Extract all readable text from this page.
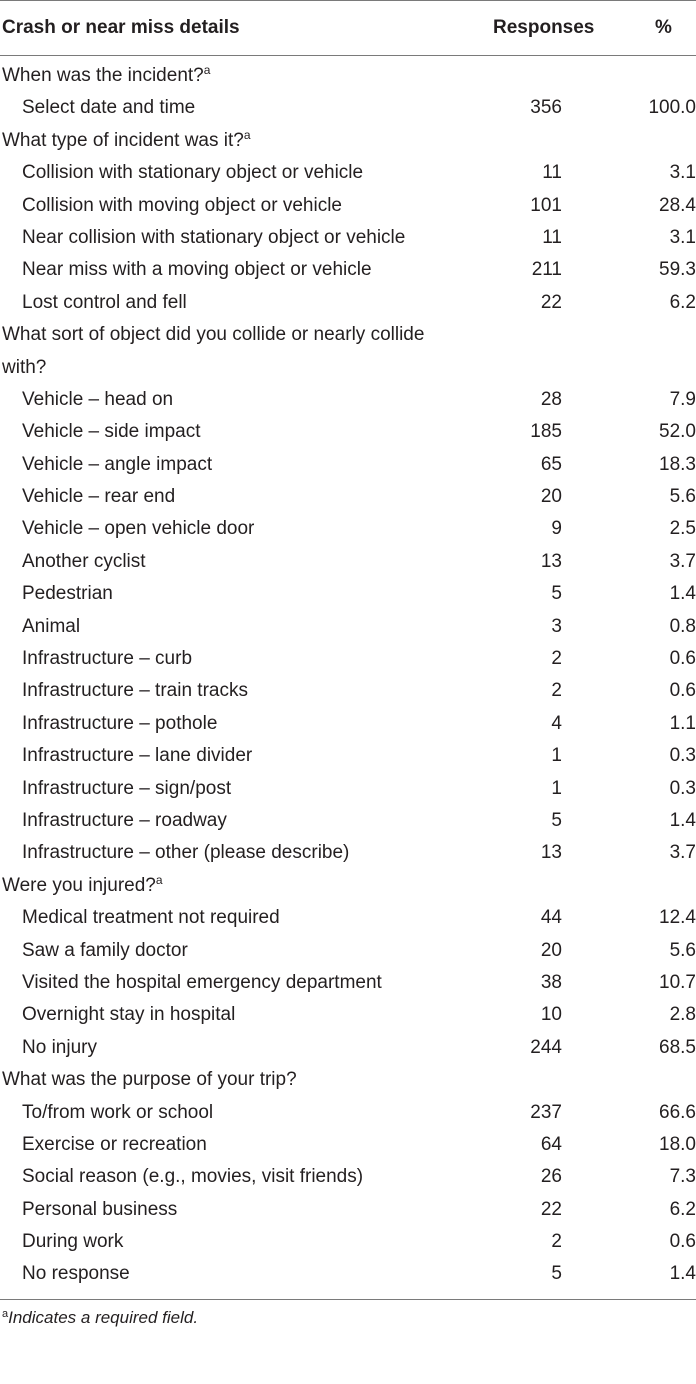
Crash or near miss details	Responses	%
When was the incident?$^a$
Select date and time	356	100.0
What type of incident was it?$^a$
Collision with stationary object or vehicle	11	3.1
Collision with moving object or vehicle	101	28.4
Near collision with stationary object or vehicle	11	3.1
Near miss with a moving object or vehicle	211	59.3
Lost control and fell	22	6.2
What sort of object did you collide or nearly collide with?
Vehicle – head on	28	7.9
Vehicle – side impact	185	52.0
Vehicle – angle impact	65	18.3
Vehicle – rear end	20	5.6
Vehicle – open vehicle door	9	2.5
Another cyclist	13	3.7
Pedestrian	5	1.4
Animal	3	0.8
Infrastructure – curb	2	0.6
Infrastructure – train tracks	2	0.6
Infrastructure – pothole	4	1.1
Infrastructure – lane divider	1	0.3
Infrastructure – sign/post	1	0.3
Infrastructure – roadway	5	1.4
Infrastructure – other (please describe)	13	3.7
Were you injured?$^a$
Medical treatment not required	44	12.4
Saw a family doctor	20	5.6
Visited the hospital emergency department	38	10.7
Overnight stay in hospital	10	2.8
No injury	244	68.5
What was the purpose of your trip?
To/from work or school	237	66.6
Exercise or recreation	64	18.0
Social reason (e.g., movies, visit friends)	26	7.3
Personal business	22	6.2
During work	2	0.6
No response	5	1.4
$^a$Indicates a required field.
